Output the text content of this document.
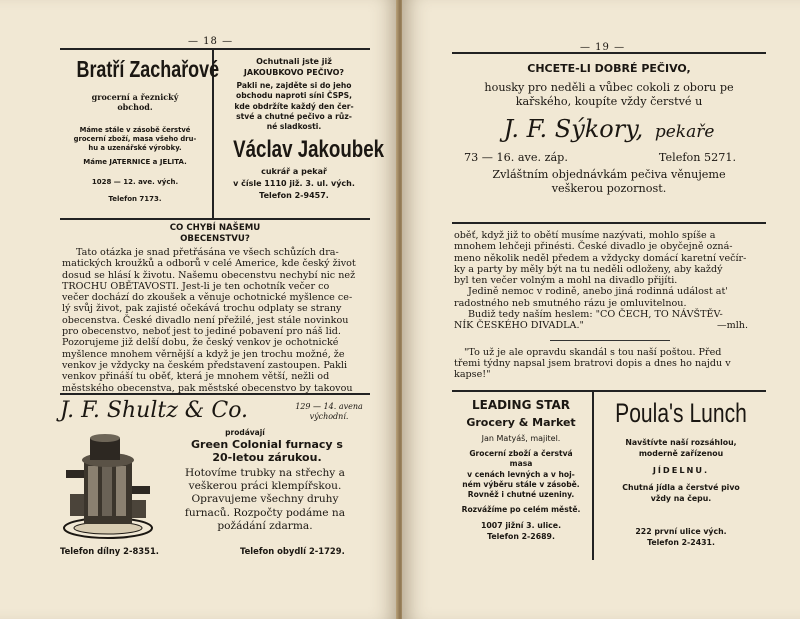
— 18 —
Bratří Zachařové
grocerní a řeznický
obchod.
Máme stále v zásobě čerstvé
grocerní zboží, masa všeho dru-
hu a uzenářské výrobky.
Máme JATERNICE a JELITA.
1028 — 12. ave. vých.
Telefon 7173.
Ochutnali jste již
JAKOUBKOVO PEČIVO?
Pakli ne, zajděte si do jeho
obchodu naproti síni ČSPS,
kde obdržíte každý den čer-
stvé a chutné pečivo a růz-
né sladkosti.
Václav Jakoubek
cukrář a pekař
v čísle 1110 již. 3. ul. vých.
Telefon 2-9457.
CO CHYBÍ NAŠEMU
OBECENSTVU?
Tato otázka je snad přetřásána ve všech schůzích dra-
matických kroužků a odborů v celé Americe, kde český život
dosud se hlásí k životu. Našemu obecenstvu nechybí nic než
TROCHU OBĚTAVOSTI. Jest-li je ten ochotník večer co
večer dochází do zkoušek a věnuje ochotnické myšlence ce-
lý svůj život, pak zajisté očekává trochu odplaty se strany
obecenstva. České divadlo není přežilé, jest stále novinkou
pro obecenstvo, neboť jest to jediné pobavení pro náš lid.
Pozorujeme již delší dobu, že český venkov je ochotnické
myšlence mnohem věrnější a když je jen trochu možné, že
venkov je vždycky na českém představení zastoupen. Pakli
venkov přináší tu oběť, která je mnohem větší, nežli od
městského obecenstva, pak městské obecenstvo by takovou
J. F. Shultz & Co.	129 — 14. avena
východní.
prodávají
Green Colonial furnacy s
20-letou zárukou.
Hotovíme trubky na střechy a
veškerou práci klempířskou.
Opravujeme všechny druhy
furnaců. Rozpočty podáme na
požádání zdarma.
Telefon dílny 2-8351.	Telefon obydlí 2-1729.
— 19 —
CHCETE-LI DOBRÉ PEČIVO,
housky pro neděli a vůbec cokoli z oboru pe
kařského, koupíte vždy čerstvé u
J. F. Sýkory, pekaře
73 — 16. ave. záp.	Telefon 5271.
Zvláštním objednávkám pečiva věnujeme
veškerou pozornost.
oběť, když již to obětí musíme nazývati, mohlo spíše a
mnohem lehčeji přinésti. České divadlo je obyčejně ozná-
meno několik neděl předem a vždycky domácí karetní večír-
ky a party by měly být na tu neděli odloženy, aby každý
byl ten večer volným a mohl na divadlo přijíti.
Jedině nemoc v rodině, anebo jiná rodinná událost at'
radostného neb smutného rázu je omluvitelnou.
Budiž tedy naším heslem: "CO ČECH, TO NÁVŠTĚV-
NÍK ČESKÉHO DIVADLA."	—mlh.
"To už je ale opravdu skandál s tou naší poštou. Před
třemi týdny napsal jsem bratrovi dopis a dnes ho najdu v
kapse!"
LEADING STAR
Grocery & Market
Jan Matyáš, majitel.
Grocerní zboží a čerstvá
masa
v cenách levných a v hoj-
ném výběru stále v zásobě.
Rovněž i chutné uzeniny.
Rozvážíme po celém městě.
1007 jižní 3. ulice.
Telefon 2-2689.
Poula's Lunch
Navštívte naší rozsáhlou,
moderně zařízenou
JÍDELNU.
Chutná jídla a čerstvé pivo
vždy na čepu.
222 první ulice vých.
Telefon 2-2431.
